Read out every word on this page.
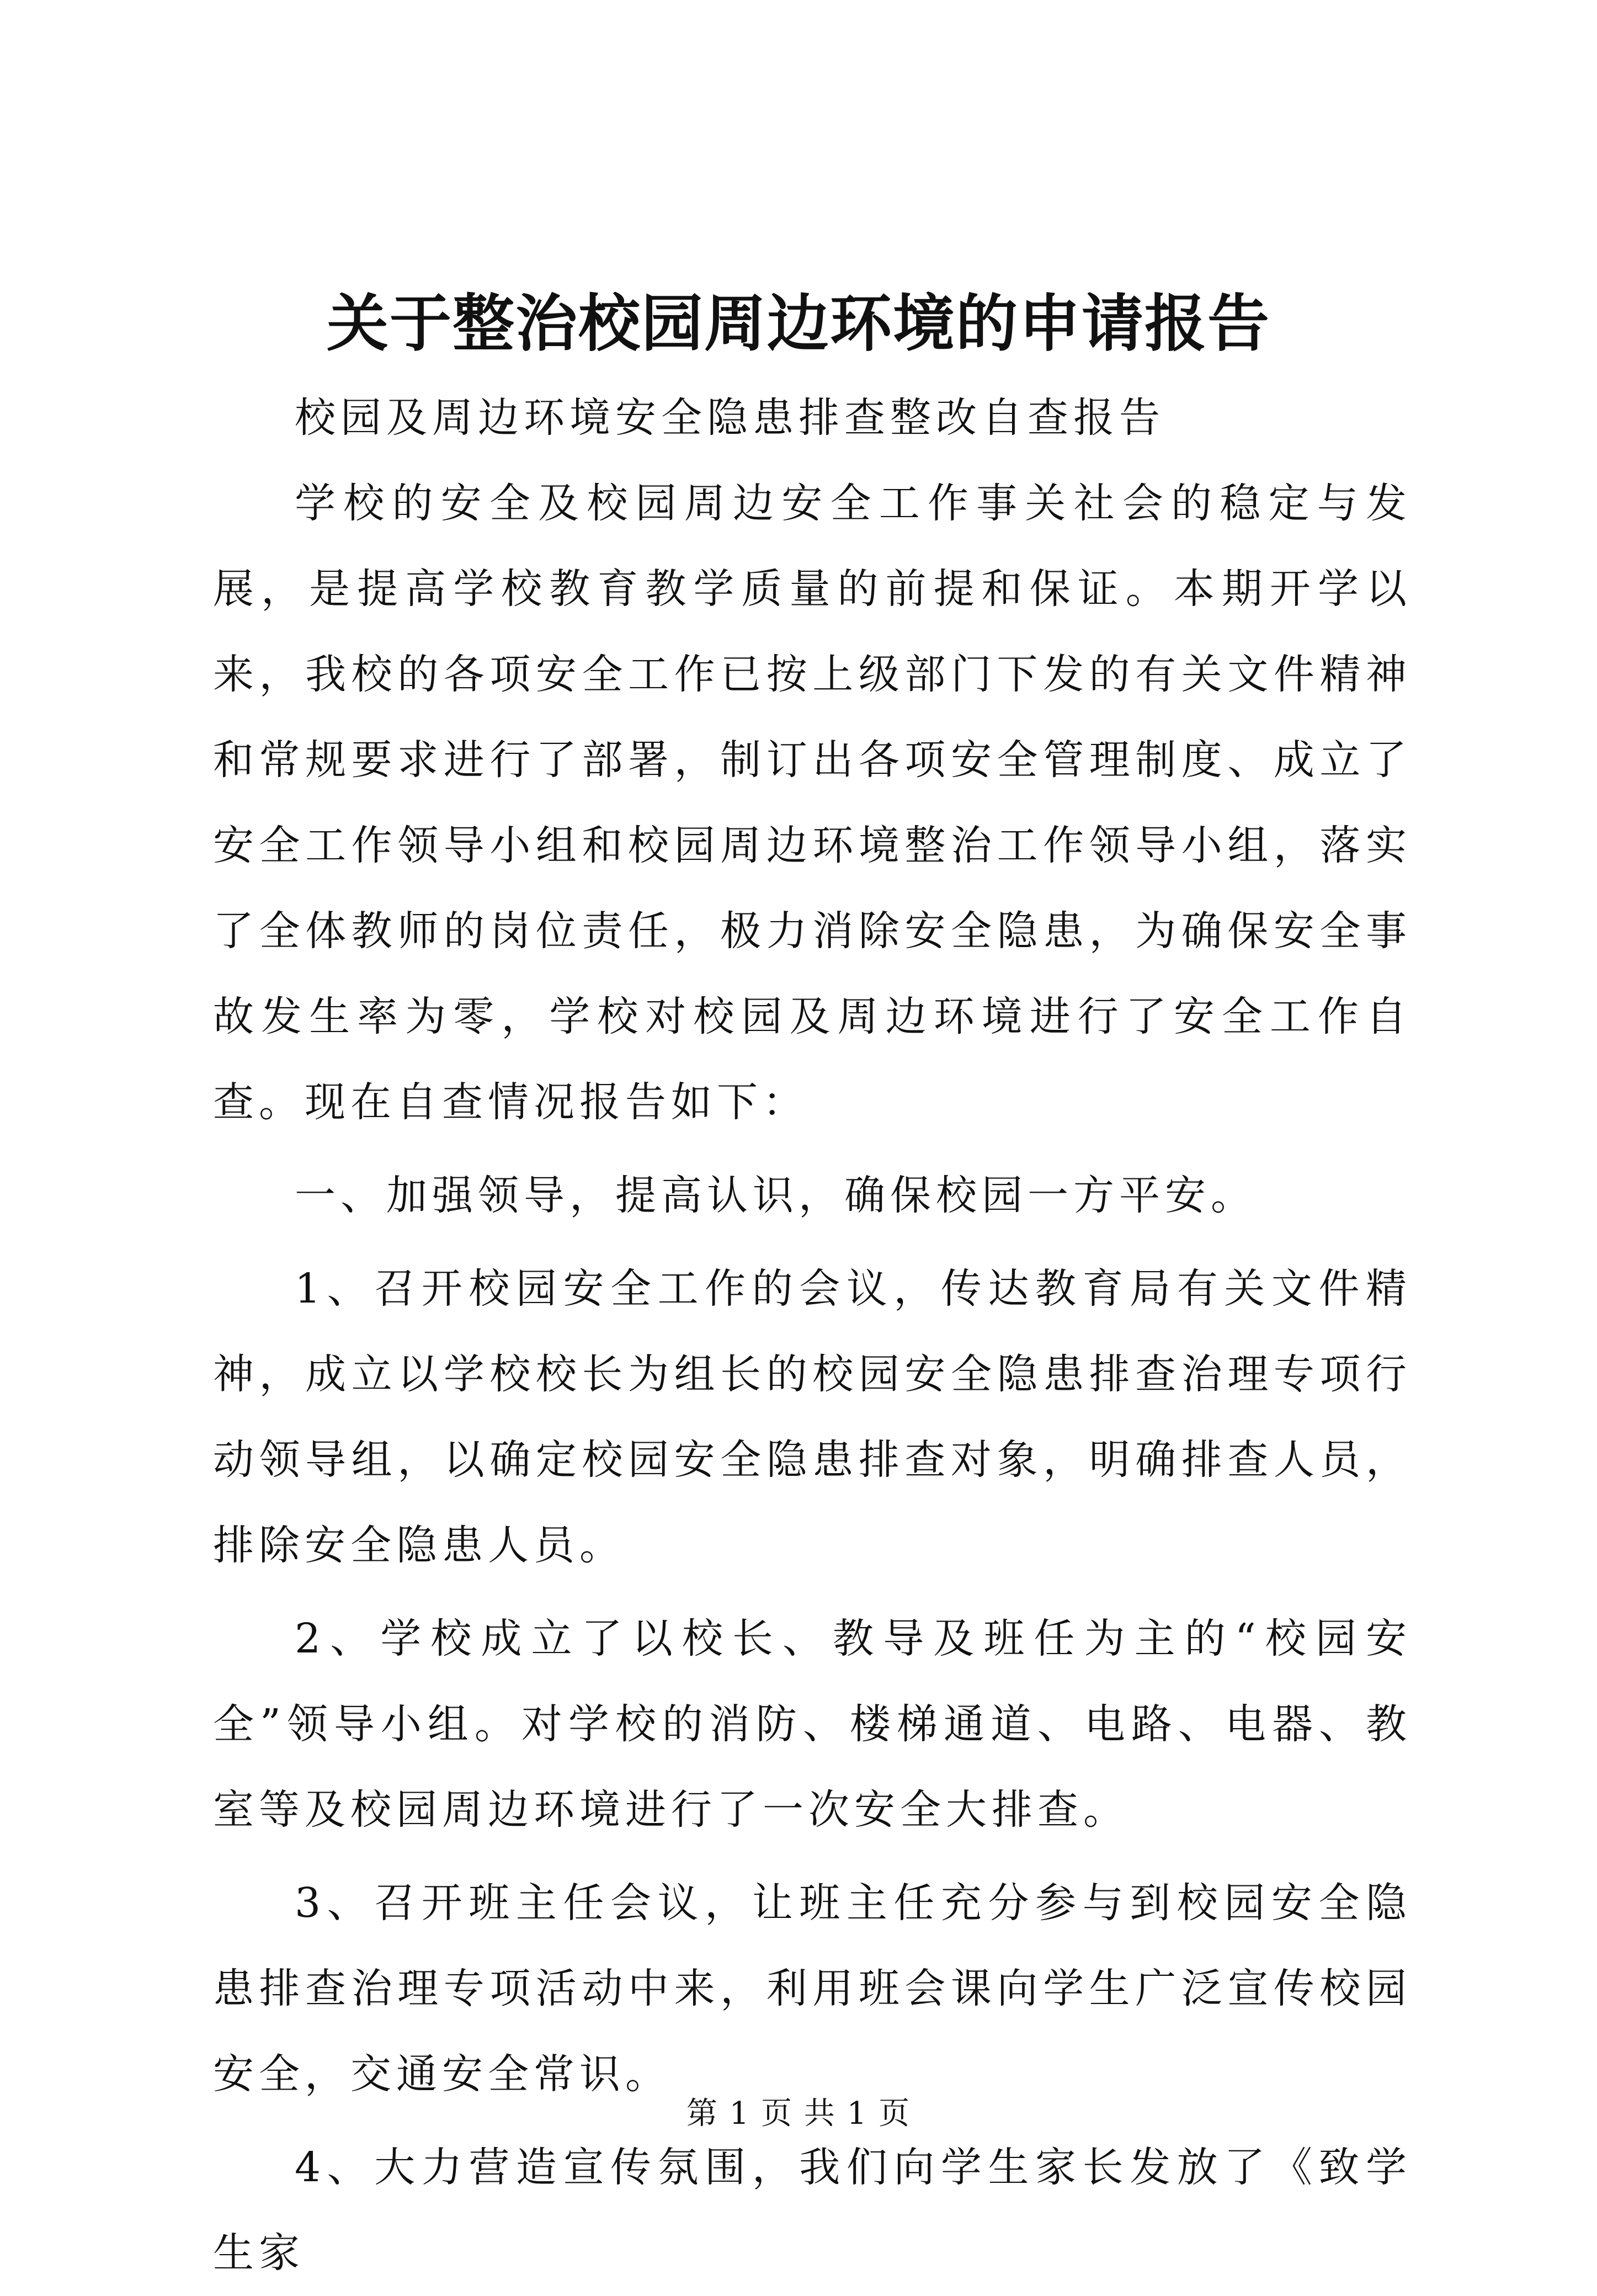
关于整治校园周边环境的申请报告

校园及周边环境安全隐患排查整改自查报告

学校的安全及校园周边安全工作事关社会的稳定与发展，是提高学校教育教学质量的前提和保证。本期开学以来，我校的各项安全工作已按上级部门下发的有关文件精神和常规要求进行了部署，制订出各项安全管理制度、成立了安全工作领导小组和校园周边环境整治工作领导小组，落实了全体教师的岗位责任，极力消除安全隐患，为确保安全事故发生率为零，学校对校园及周边环境进行了安全工作自查。现在自查情况报告如下：

一、加强领导，提高认识，确保校园一方平安。

1、召开校园安全工作的会议，传达教育局有关文件精神，成立以学校校长为组长的校园安全隐患排查治理专项行动领导组，以确定校园安全隐患排查对象，明确排查人员，排除安全隐患人员。

2、学校成立了以校长、教导及班任为主的“校园安全”领导小组。对学校的消防、楼梯通道、电路、电器、教室等及校园周边环境进行了一次安全大排查。

3、召开班主任会议，让班主任充分参与到校园安全隐患排查治理专项活动中来，利用班会课向学生广泛宣传校园安全，交通安全常识。

4、大力营造宣传氛围，我们向学生家长发放了《致学生家

第 1 页 共 1 页
